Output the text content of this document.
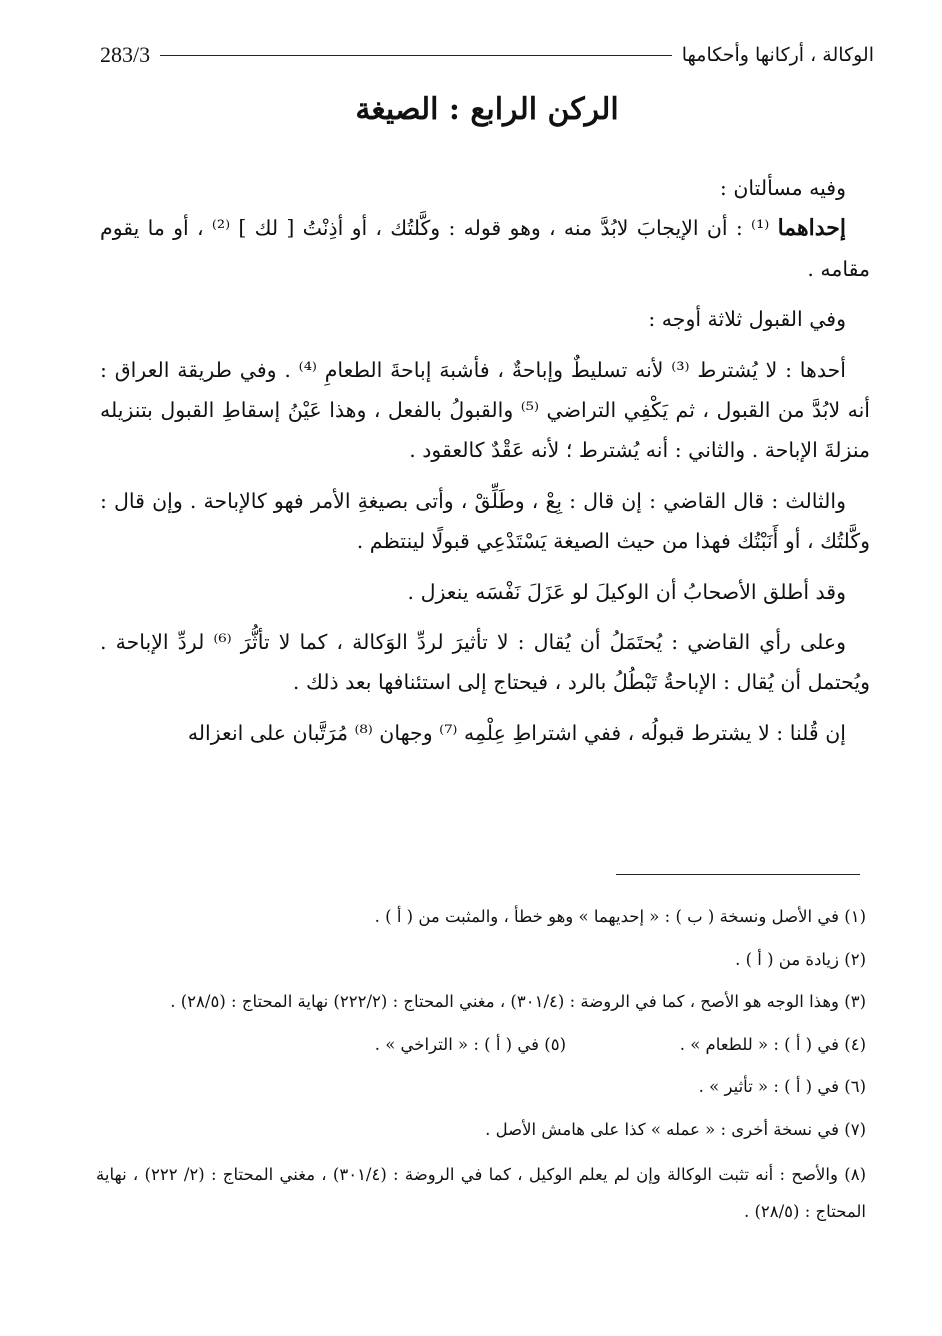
283/3	الوكالة ، أركانها وأحكامها
الركن الرابع : الصيغة

وفيه مسألتان :

إحداهما ⁽¹⁾ : أن الإيجابَ لابُدَّ منه ، وهو قوله : وكَّلتُك ، أو أذِنْتُ [ لك ] ⁽²⁾ ، أو ما يقوم مقامه .

وفي القبول ثلاثة أوجه :

أحدها : لا يُشترط ⁽³⁾ لأنه تسليطٌ وإباحةٌ ، فأشبهَ إباحةَ الطعامِ ⁽⁴⁾ . وفي طريقة العراق : أنه لابُدَّ من القبول ، ثم يَكْفِي التراضي ⁽⁵⁾ والقبولُ بالفعل ، وهذا عَيْنُ إسقاطِ القبول بتنزيله منزلةَ الإباحة . والثاني : أنه يُشترط ؛ لأنه عَقْدٌ كالعقود .

والثالث : قال القاضي : إن قال : بِعْ ، وطَلِّقْ ، وأتى بصيغةِ الأمر فهو كالإباحة . وإن قال : وكَّلتُك ، أو أَنَبْتُك فهذا من حيث الصيغة يَسْتَدْعِي قبولًا لينتظم .

وقد أطلق الأصحابُ أن الوكيلَ لو عَزَلَ نَفْسَه ينعزل .

وعلى رأي القاضي : يُحتَمَلُ أن يُقال : لا تأثيرَ لردِّ الوَكالة ، كما لا تأثُّرَ ⁽⁶⁾ لردِّ الإباحة . ويُحتمل أن يُقال : الإباحةُ تَبْطُلُ بالرد ، فيحتاج إلى استئنافها بعد ذلك .

إن قُلنا : لا يشترط قبولُه ، ففي اشتراطِ عِلْمِه ⁽⁷⁾ وجهان ⁽⁸⁾ مُرَتَّبان على انعزاله

(١) في الأصل ونسخة ( ب ) : « إحديهما » وهو خطأ ، والمثبت من ( أ ) .

(٢) زيادة من ( أ ) .

(٣) وهذا الوجه هو الأصح ، كما في الروضة : (٣٠١/٤) ، مغني المحتاج : (٢٢٢/٢) نهاية المحتاج : (٢٨/٥) .

(٤) في ( أ ) : « للطعام » .
(٥) في ( أ ) : « التراخي » .

(٦) في ( أ ) : « تأثير » .

(٧) في نسخة أخرى : « عمله » كذا على هامش الأصل .

(٨) والأصح : أنه تثبت الوكالة وإن لم يعلم الوكيل ، كما في الروضة : (٣٠١/٤) ، مغني المحتاج : (٢/ ٢٢٢) ، نهاية المحتاج : (٢٨/٥) .
